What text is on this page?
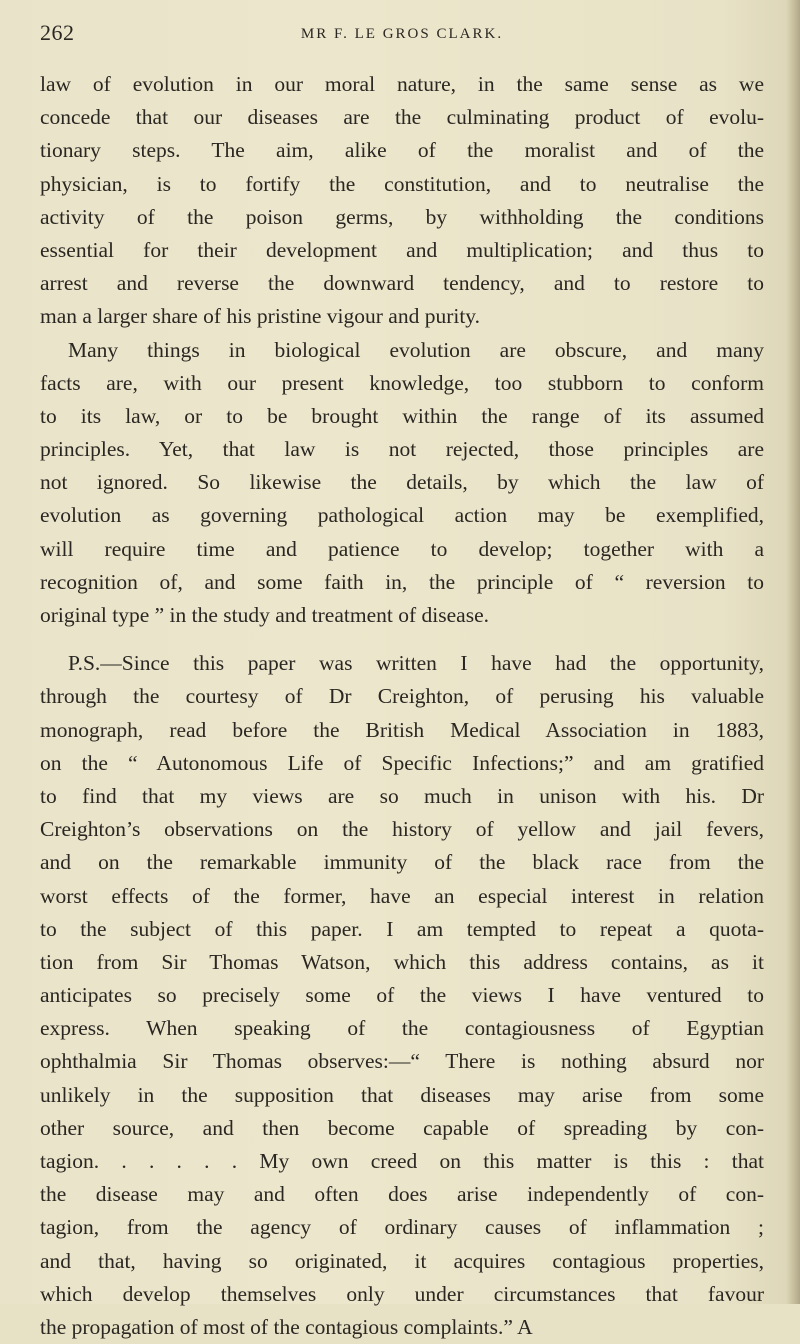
262	MR F. LE GROS CLARK.
law of evolution in our moral nature, in the same sense as we
concede that our diseases are the culminating product of evolu-
tionary steps. The aim, alike of the moralist and of the
physician, is to fortify the constitution, and to neutralise the
activity of the poison germs, by withholding the conditions
essential for their development and multiplication; and thus to
arrest and reverse the downward tendency, and to restore to
man a larger share of his pristine vigour and purity.
Many things in biological evolution are obscure, and many
facts are, with our present knowledge, too stubborn to conform
to its law, or to be brought within the range of its assumed
principles. Yet, that law is not rejected, those principles are
not ignored. So likewise the details, by which the law of
evolution as governing pathological action may be exemplified,
will require time and patience to develop; together with a
recognition of, and some faith in, the principle of “ reversion to
original type ” in the study and treatment of disease.
P.S.—Since this paper was written I have had the opportunity,
through the courtesy of Dr Creighton, of perusing his valuable
monograph, read before the British Medical Association in 1883,
on the “ Autonomous Life of Specific Infections;” and am gratified
to find that my views are so much in unison with his. Dr
Creighton’s observations on the history of yellow and jail fevers,
and on the remarkable immunity of the black race from the
worst effects of the former, have an especial interest in relation
to the subject of this paper. I am tempted to repeat a quota-
tion from Sir Thomas Watson, which this address contains, as it
anticipates so precisely some of the views I have ventured to
express. When speaking of the contagiousness of Egyptian
ophthalmia Sir Thomas observes:—“ There is nothing absurd nor
unlikely in the supposition that diseases may arise from some
other source, and then become capable of spreading by con-
tagion. . . . . . My own creed on this matter is this : that
the disease may and often does arise independently of con-
tagion, from the agency of ordinary causes of inflammation ;
and that, having so originated, it acquires contagious properties,
which develop themselves only under circumstances that favour
the propagation of most of the contagious complaints.” A
